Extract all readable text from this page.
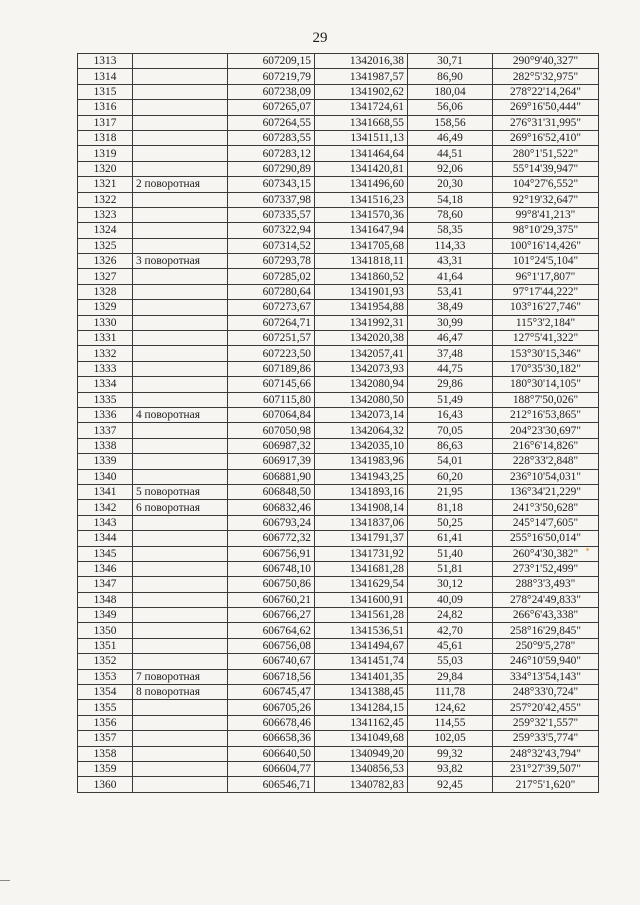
29
1313		607209,15	1342016,38	30,71	290°9'40,327"
1314		607219,79	1341987,57	86,90	282°5'32,975"
1315		607238,09	1341902,62	180,04	278°22'14,264"
1316		607265,07	1341724,61	56,06	269°16'50,444"
1317		607264,55	1341668,55	158,56	276°31'31,995"
1318		607283,55	1341511,13	46,49	269°16'52,410"
1319		607283,12	1341464,64	44,51	280°1'51,522"
1320		607290,89	1341420,81	92,06	55°14'39,947"
1321	2 поворотная	607343,15	1341496,60	20,30	104°27'6,552"
1322		607337,98	1341516,23	54,18	92°19'32,647"
1323		607335,57	1341570,36	78,60	99°8'41,213"
1324		607322,94	1341647,94	58,35	98°10'29,375"
1325		607314,52	1341705,68	114,33	100°16'14,426"
1326	3 поворотная	607293,78	1341818,11	43,31	101°24'5,104"
1327		607285,02	1341860,52	41,64	96°1'17,807"
1328		607280,64	1341901,93	53,41	97°17'44,222"
1329		607273,67	1341954,88	38,49	103°16'27,746"
1330		607264,71	1341992,31	30,99	115°3'2,184"
1331		607251,57	1342020,38	46,47	127°5'41,322"
1332		607223,50	1342057,41	37,48	153°30'15,346"
1333		607189,86	1342073,93	44,75	170°35'30,182"
1334		607145,66	1342080,94	29,86	180°30'14,105"
1335		607115,80	1342080,50	51,49	188°7'50,026"
1336	4 поворотная	607064,84	1342073,14	16,43	212°16'53,865"
1337		607050,98	1342064,32	70,05	204°23'30,697"
1338		606987,32	1342035,10	86,63	216°6'14,826"
1339		606917,39	1341983,96	54,01	228°33'2,848"
1340		606881,90	1341943,25	60,20	236°10'54,031"
1341	5 поворотная	606848,50	1341893,16	21,95	136°34'21,229"
1342	6 поворотная	606832,46	1341908,14	81,18	241°3'50,628"
1343		606793,24	1341837,06	50,25	245°14'7,605"
1344		606772,32	1341791,37	61,41	255°16'50,014"
1345		606756,91	1341731,92	51,40	260°4'30,382"
1346		606748,10	1341681,28	51,81	273°1'52,499"
1347		606750,86	1341629,54	30,12	288°3'3,493"
1348		606760,21	1341600,91	40,09	278°24'49,833"
1349		606766,27	1341561,28	24,82	266°6'43,338"
1350		606764,62	1341536,51	42,70	258°16'29,845"
1351		606756,08	1341494,67	45,61	250°9'5,278"
1352		606740,67	1341451,74	55,03	246°10'59,940"
1353	7 поворотная	606718,56	1341401,35	29,84	334°13'54,143"
1354	8 поворотная	606745,47	1341388,45	111,78	248°33'0,724"
1355		606705,26	1341284,15	124,62	257°20'42,455"
1356		606678,46	1341162,45	114,55	259°32'1,557"
1357		606658,36	1341049,68	102,05	259°33'5,774"
1358		606640,50	1340949,20	99,32	248°32'43,794"
1359		606604,77	1340856,53	93,82	231°27'39,507"
1360		606546,71	1340782,83	92,45	217°5'1,620"
